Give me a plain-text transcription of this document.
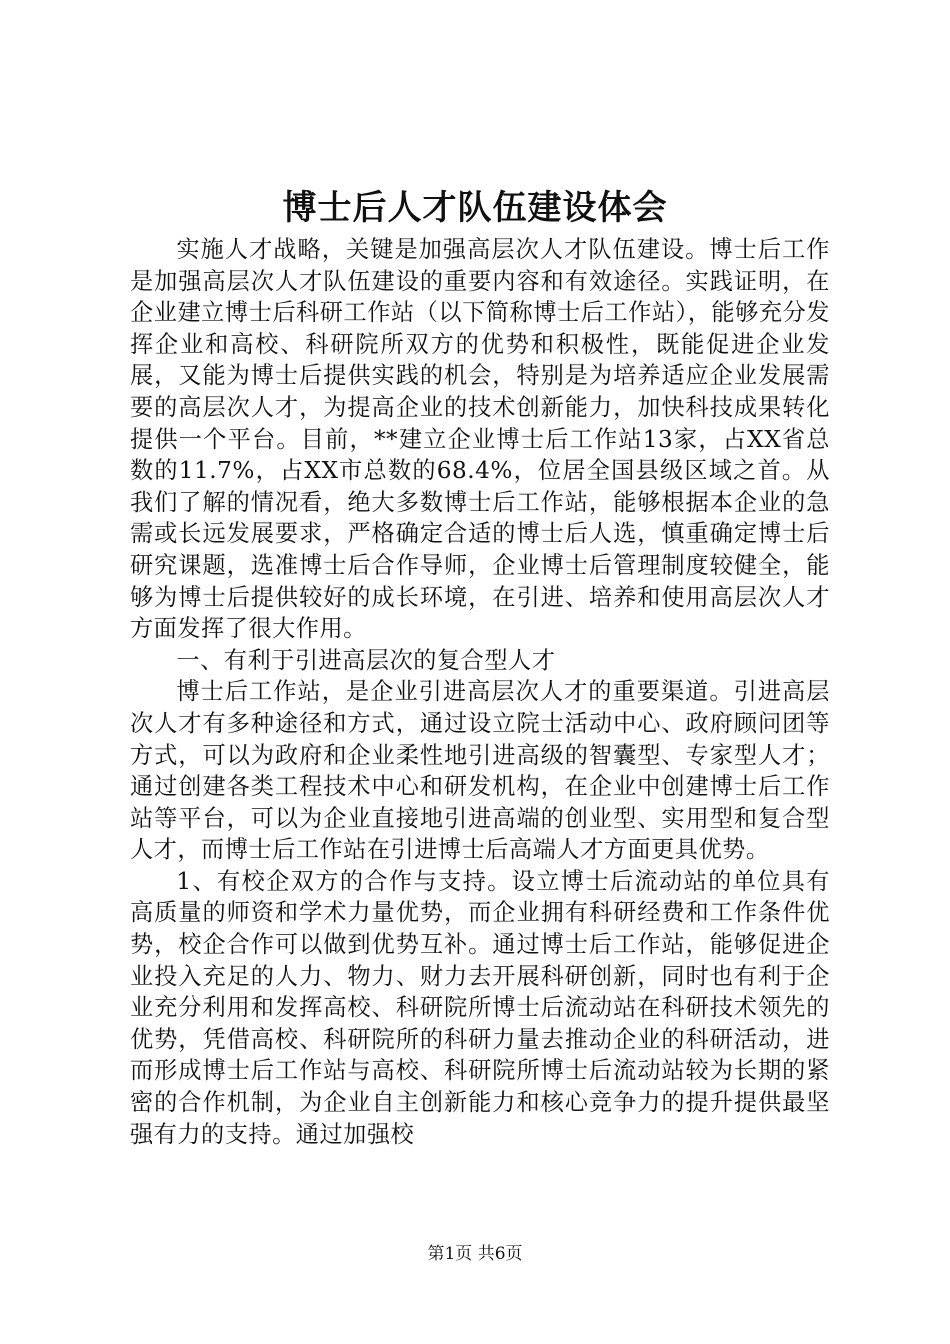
博士后人才队伍建设体会

实施人才战略，关键是加强高层次人才队伍建设。博士后工作是加强高层次人才队伍建设的重要内容和有效途径。实践证明，在企业建立博士后科研工作站（以下简称博士后工作站），能够充分发挥企业和高校、科研院所双方的优势和积极性，既能促进企业发展，又能为博士后提供实践的机会，特别是为培养适应企业发展需要的高层次人才，为提高企业的技术创新能力，加快科技成果转化提供一个平台。目前，**建立企业博士后工作站13家，占XX省总数的11.7%，占XX市总数的68.4%，位居全国县级区域之首。从我们了解的情况看，绝大多数博士后工作站，能够根据本企业的急需或长远发展要求，严格确定合适的博士后人选，慎重确定博士后研究课题，选准博士后合作导师，企业博士后管理制度较健全，能够为博士后提供较好的成长环境，在引进、培养和使用高层次人才方面发挥了很大作用。

一、有利于引进高层次的复合型人才

博士后工作站，是企业引进高层次人才的重要渠道。引进高层次人才有多种途径和方式，通过设立院士活动中心、政府顾问团等方式，可以为政府和企业柔性地引进高级的智囊型、专家型人才；通过创建各类工程技术中心和研发机构，在企业中创建博士后工作站等平台，可以为企业直接地引进高端的创业型、实用型和复合型人才，而博士后工作站在引进博士后高端人才方面更具优势。

1、有校企双方的合作与支持。设立博士后流动站的单位具有高质量的师资和学术力量优势，而企业拥有科研经费和工作条件优势，校企合作可以做到优势互补。通过博士后工作站，能够促进企业投入充足的人力、物力、财力去开展科研创新，同时也有利于企业充分利用和发挥高校、科研院所博士后流动站在科研技术领先的优势，凭借高校、科研院所的科研力量去推动企业的科研活动，进而形成博士后工作站与高校、科研院所博士后流动站较为长期的紧密的合作机制，为企业自主创新能力和核心竞争力的提升提供最坚强有力的支持。通过加强校

第1页 共6页
